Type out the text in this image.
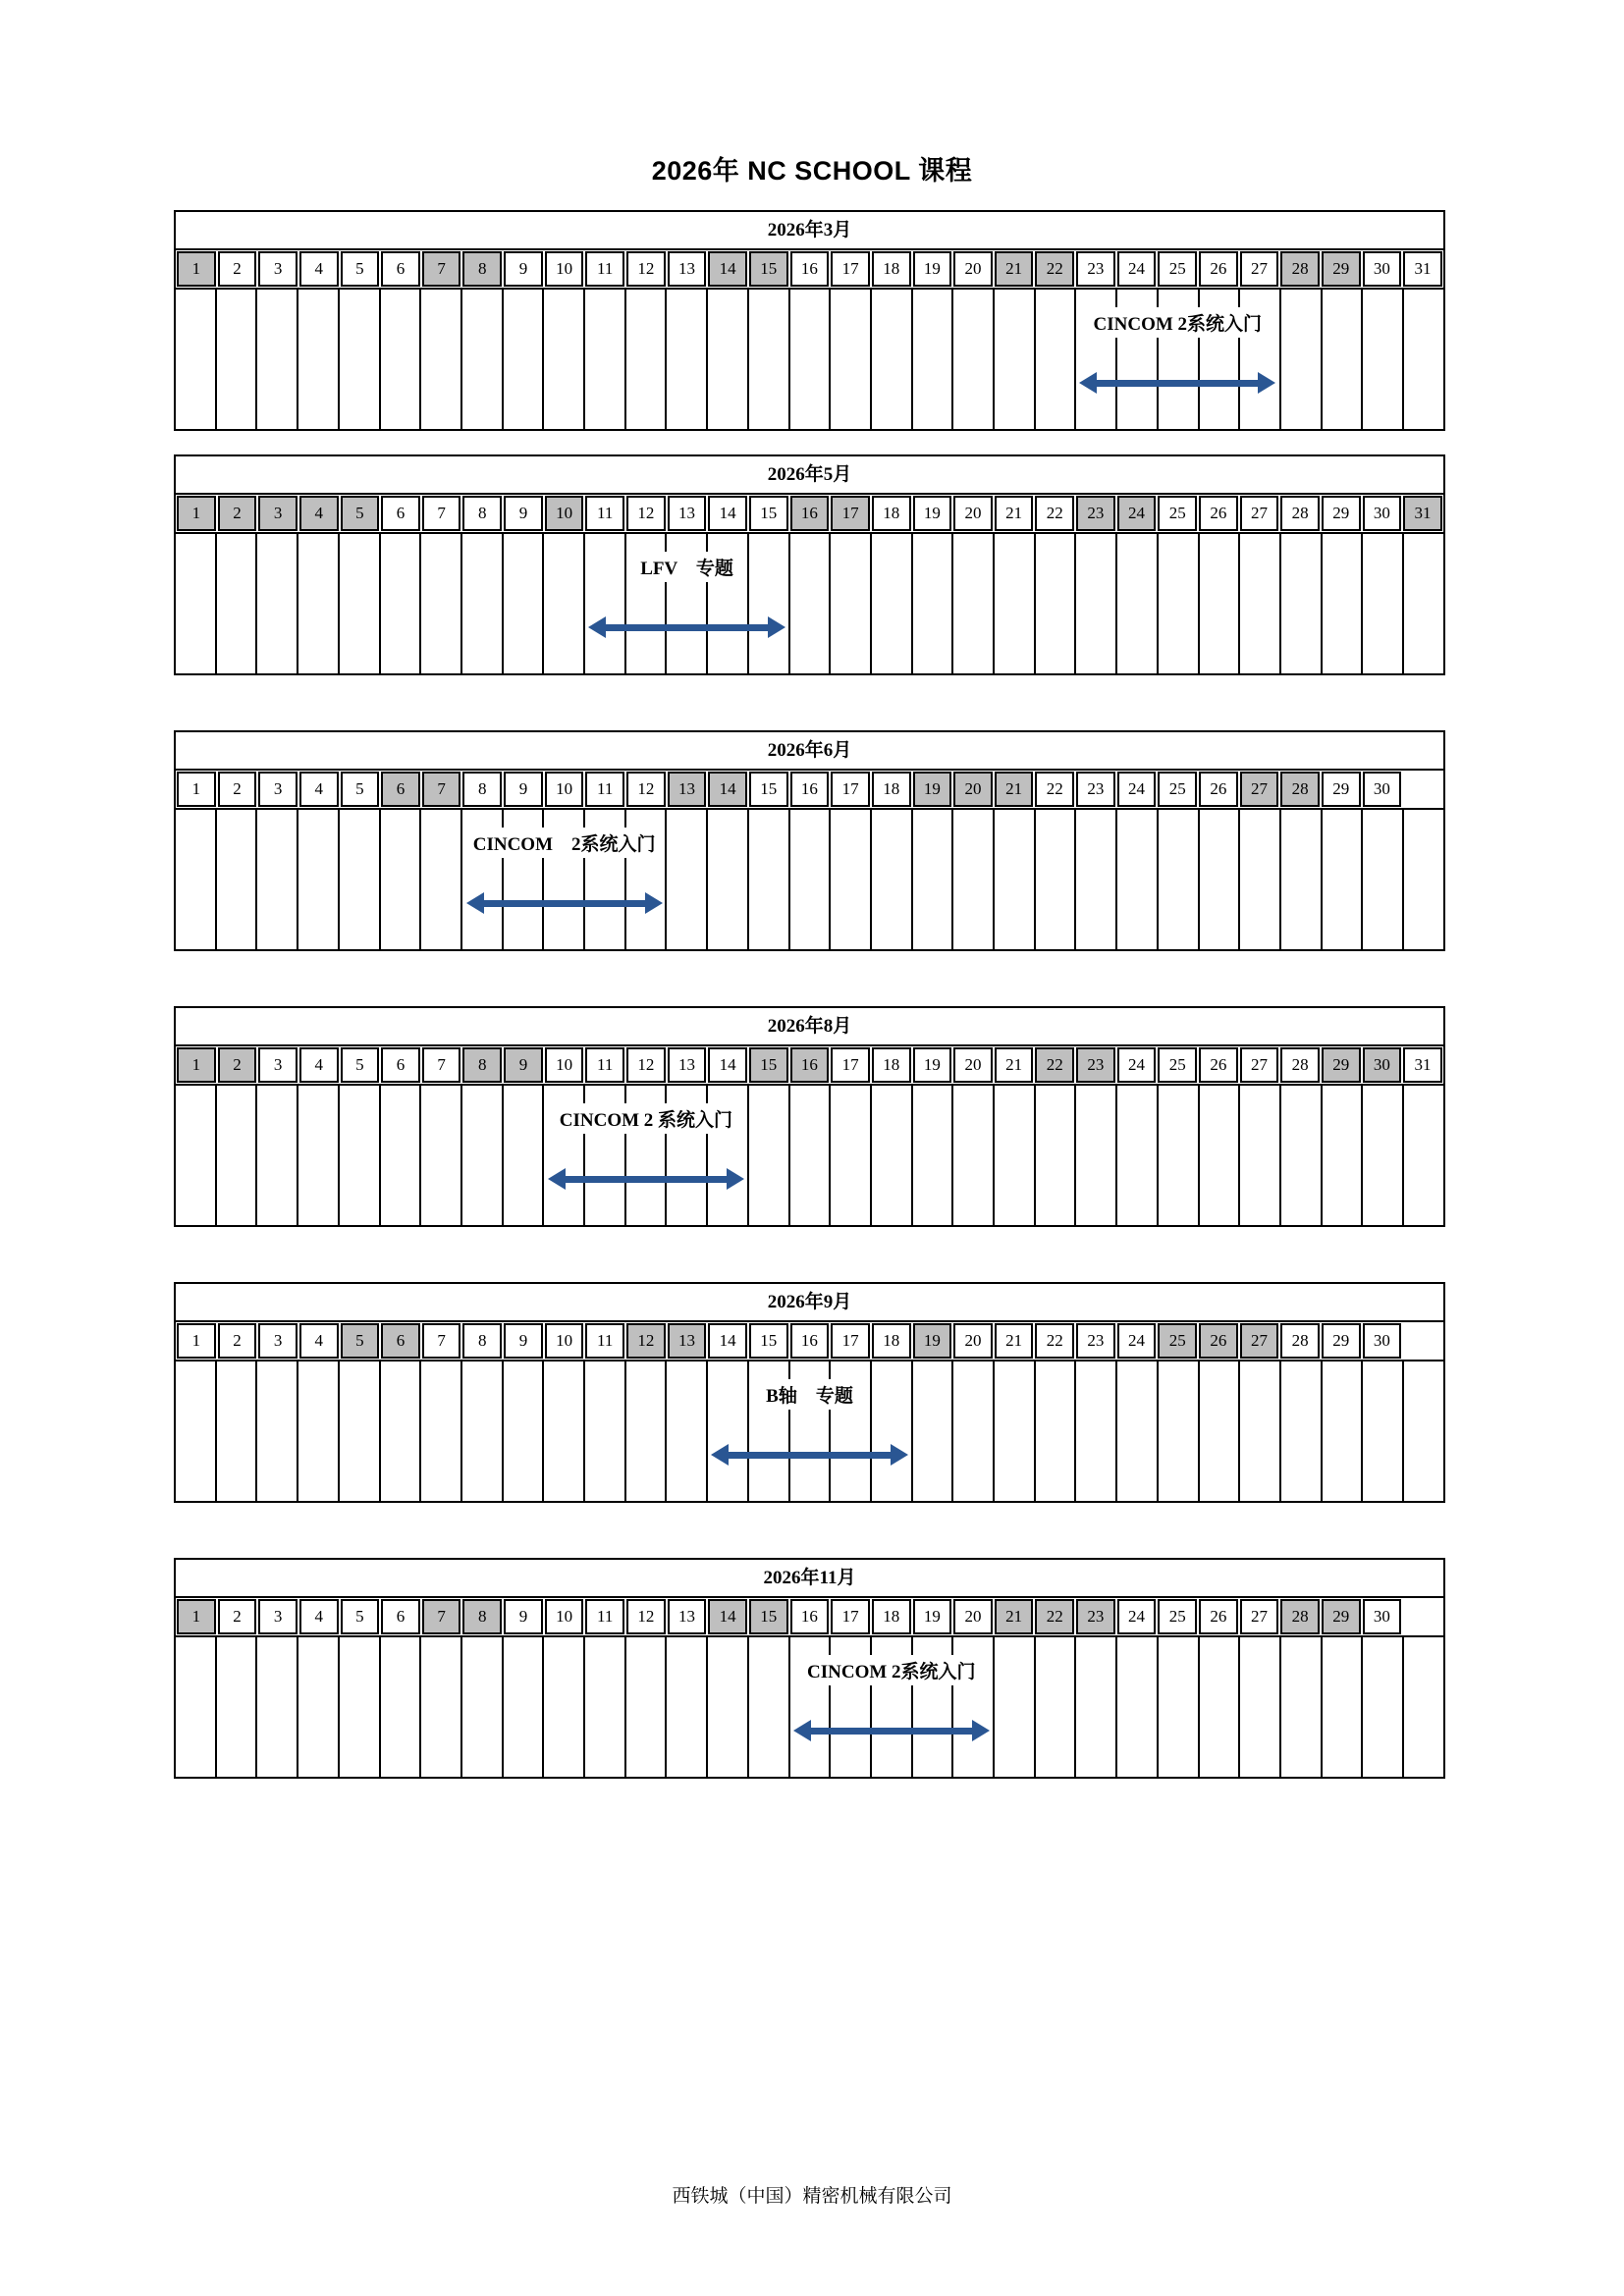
2026年 NC SCHOOL 课程
2026年3月
1	2	3	4	5	6	7	8	9	10	11	12	13	14	15	16	17	18	19	20	21	22	23	24	25	26	27	28	29	30	31
CINCOM 2系统入门
2026年5月
1	2	3	4	5	6	7	8	9	10	11	12	13	14	15	16	17	18	19	20	21	22	23	24	25	26	27	28	29	30	31
LFV　专题
2026年6月
1	2	3	4	5	6	7	8	9	10	11	12	13	14	15	16	17	18	19	20	21	22	23	24	25	26	27	28	29	30
CINCOM　2系统入门
2026年8月
1	2	3	4	5	6	7	8	9	10	11	12	13	14	15	16	17	18	19	20	21	22	23	24	25	26	27	28	29	30	31
CINCOM 2 系统入门
2026年9月
1	2	3	4	5	6	7	8	9	10	11	12	13	14	15	16	17	18	19	20	21	22	23	24	25	26	27	28	29	30
B轴　专题
2026年11月
1	2	3	4	5	6	7	8	9	10	11	12	13	14	15	16	17	18	19	20	21	22	23	24	25	26	27	28	29	30
CINCOM 2系统入门
西铁城（中国）精密机械有限公司
